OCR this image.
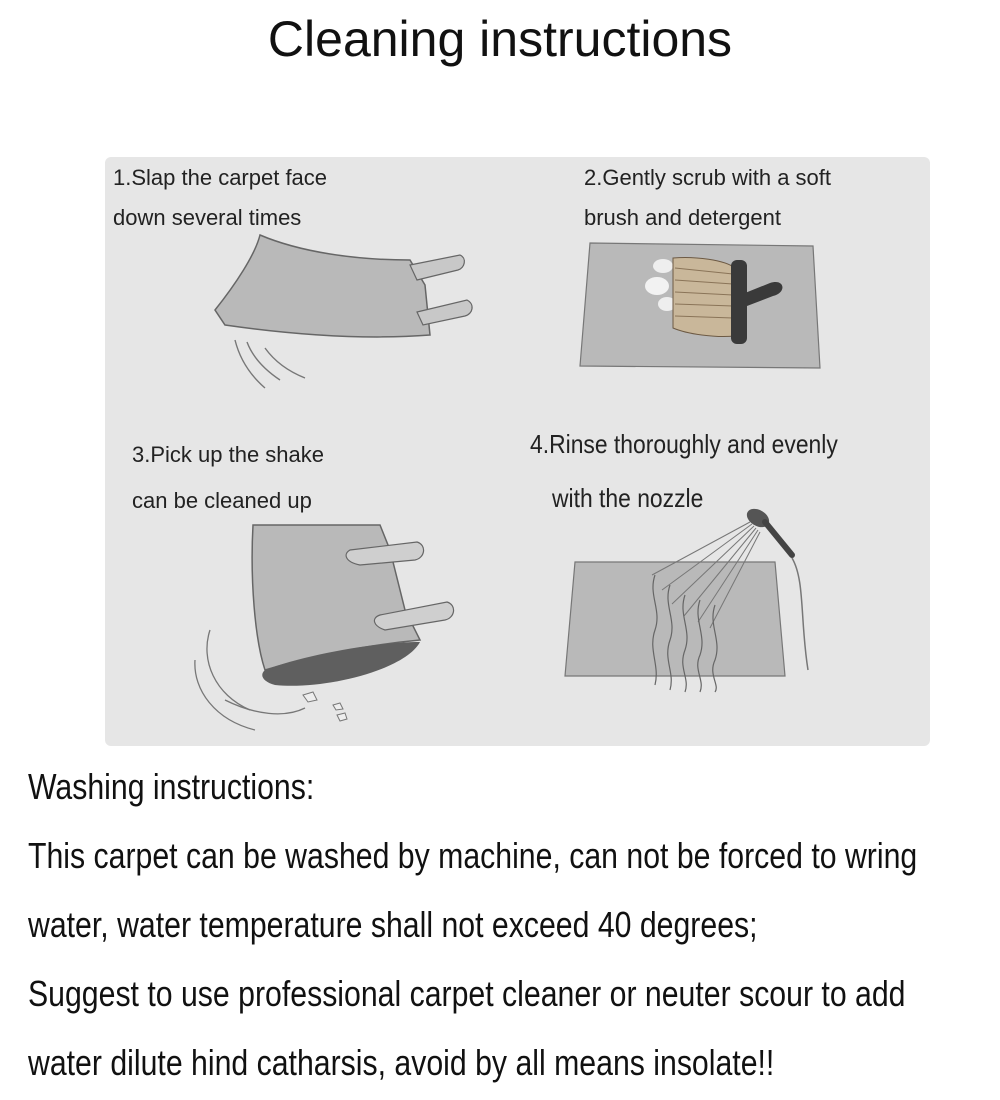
Cleaning instructions

1.Slap the carpet face
down several times

2.Gently scrub with a soft
brush and detergent

3.Pick up the shake
can be cleaned up

4.Rinse thoroughly and evenly
with the nozzle

Washing instructions:
This carpet can be washed by machine, can not be forced to wring
water, water temperature shall not exceed 40 degrees;
Suggest to use professional carpet cleaner or neuter scour to add
water dilute hind catharsis, avoid by all means insolate!!
